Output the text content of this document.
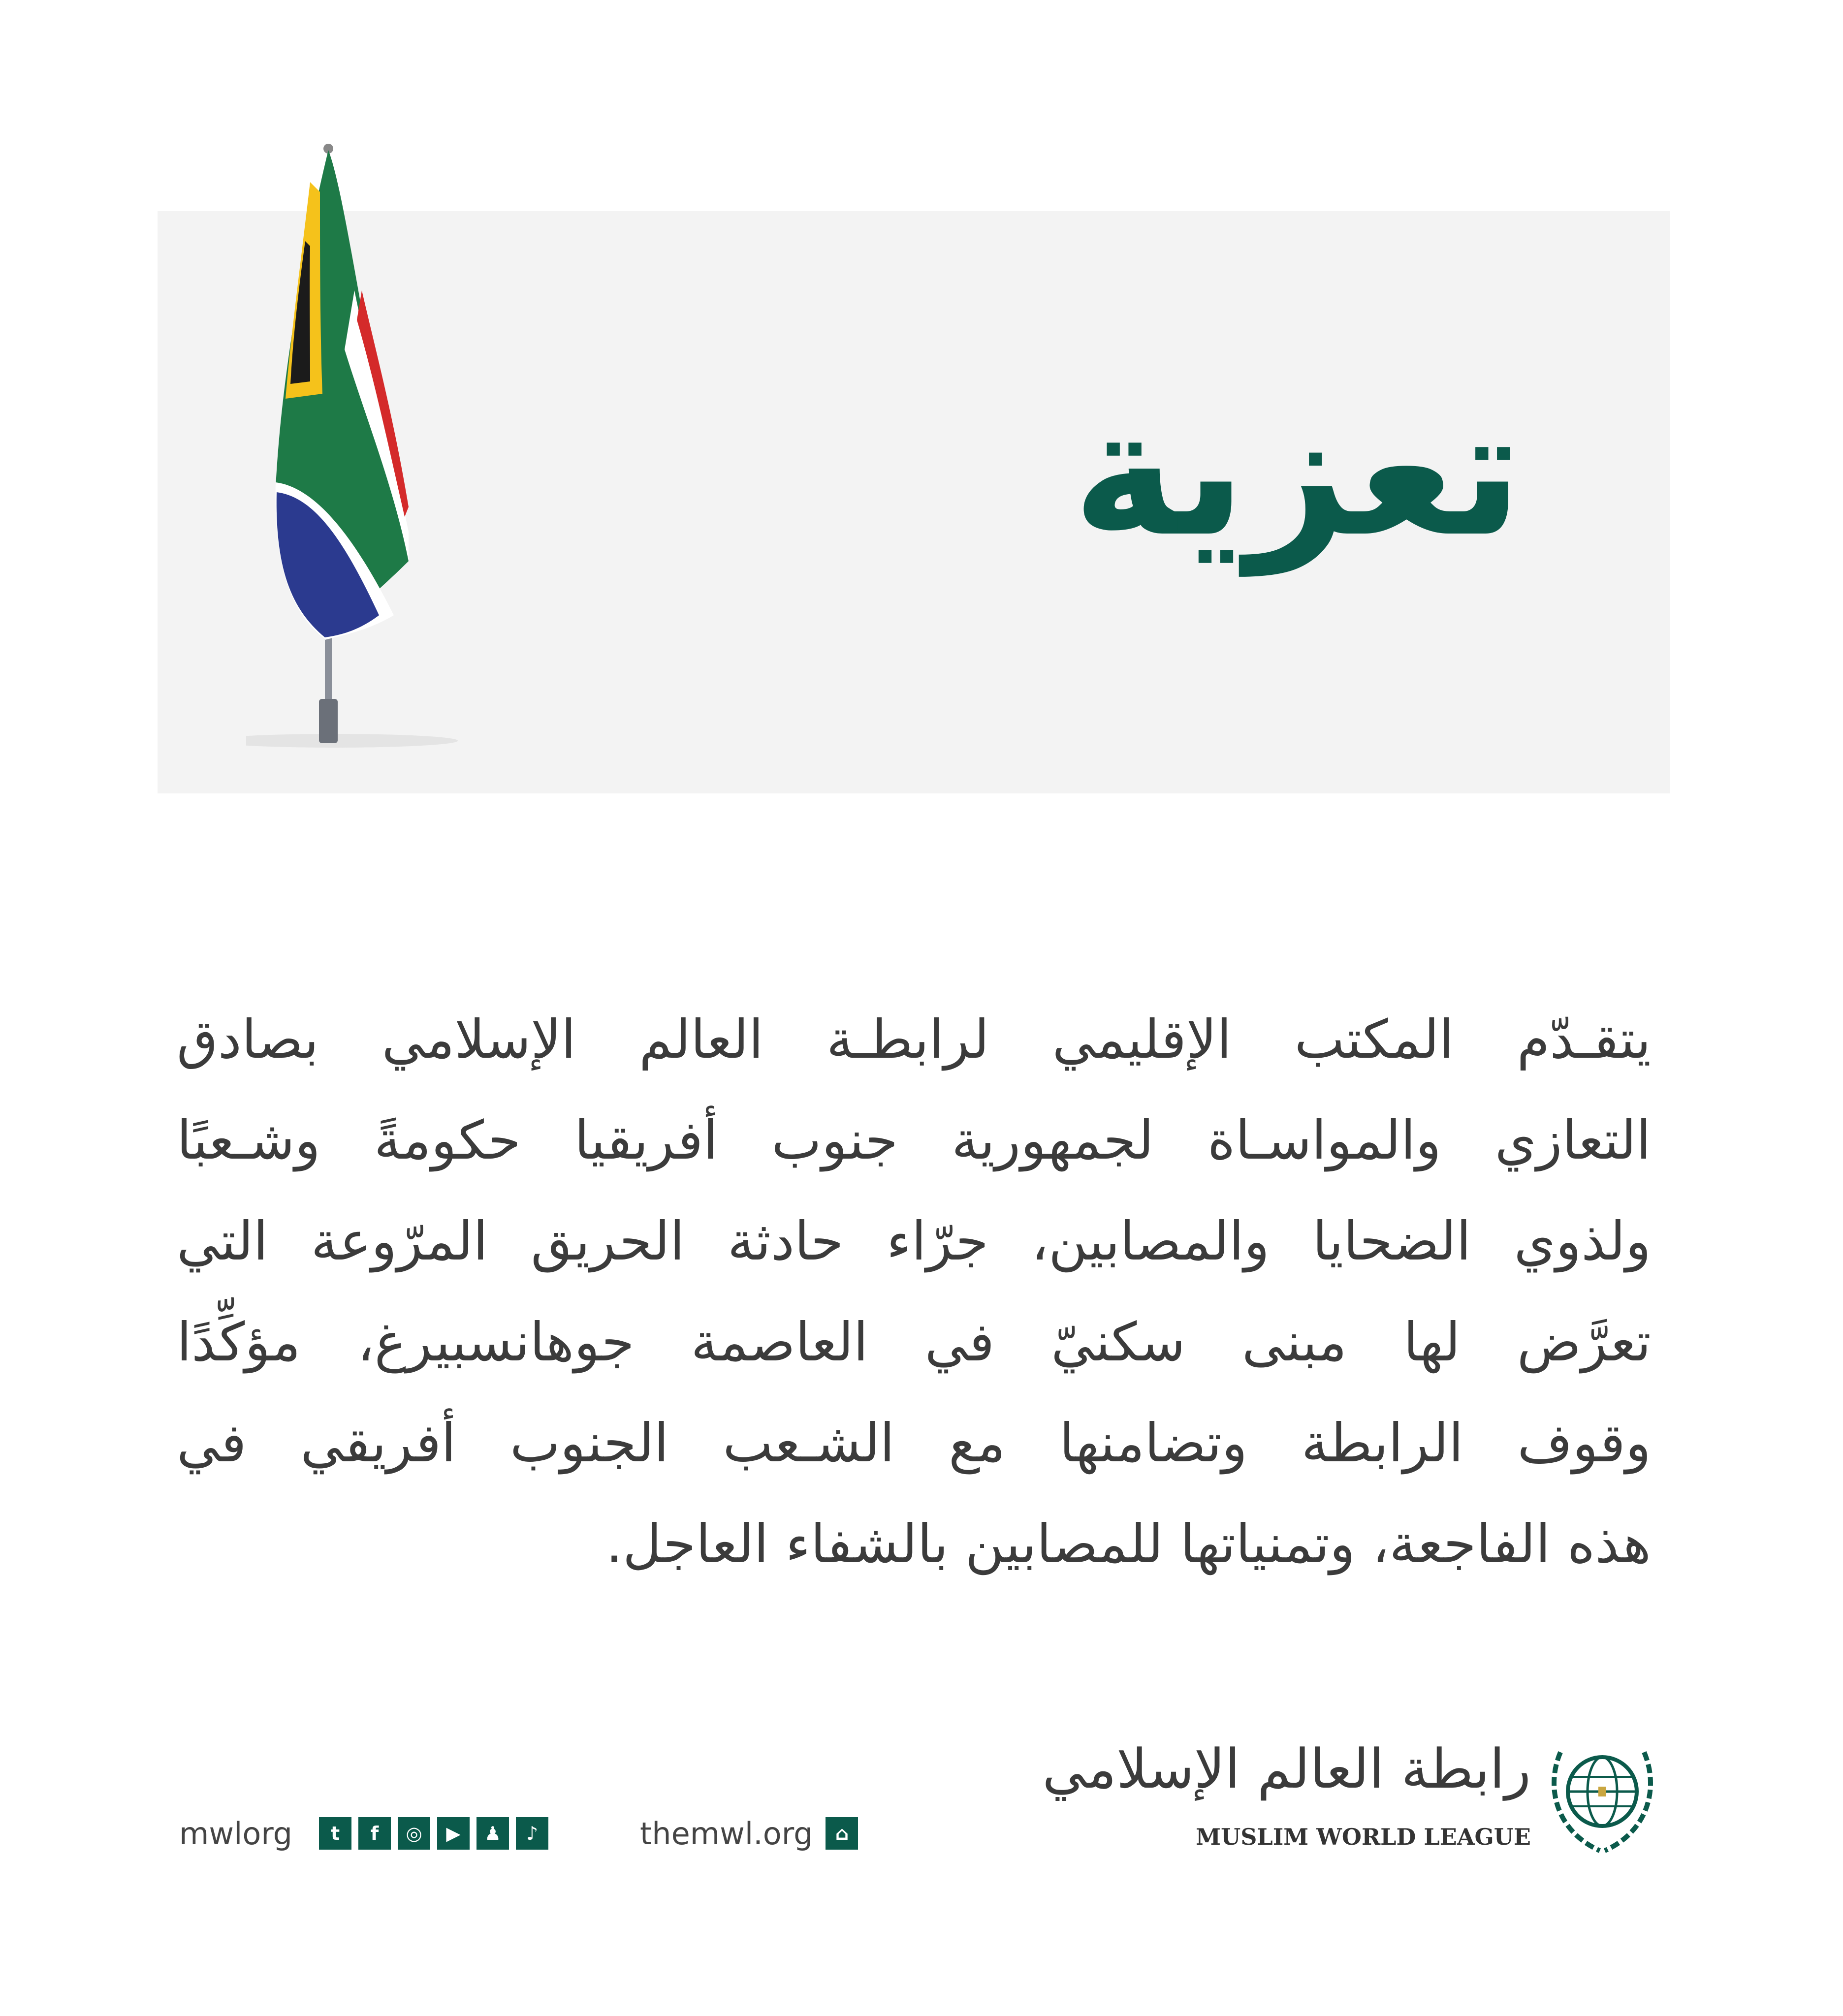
تعزية
يتقـدّم المكتب الإقليمي لرابطـة العالم الإسلامي بصادق
التعازي والمواسـاة لجمهورية جنوب أفريقيا حكومةً وشـعبًا
ولذوي الضحايا والمصابين، جرّاء حادثة الحريق المرّوعة التي
تعرَّض لها مبنى سكنيّ في العاصمة جوهانسبيرغ، مؤكِّدًا
وقوف الرابطة وتضامنها مع الشـعب الجنوب أفريقي في
هذه الفاجعة، وتمنياتها للمصابين بالشفاء العاجل.
mwlorg	t	f	◎	▶	♟	♪	themwl.org	⌂
رابطة العالم الإسلامي
MUSLIM WORLD LEAGUE
